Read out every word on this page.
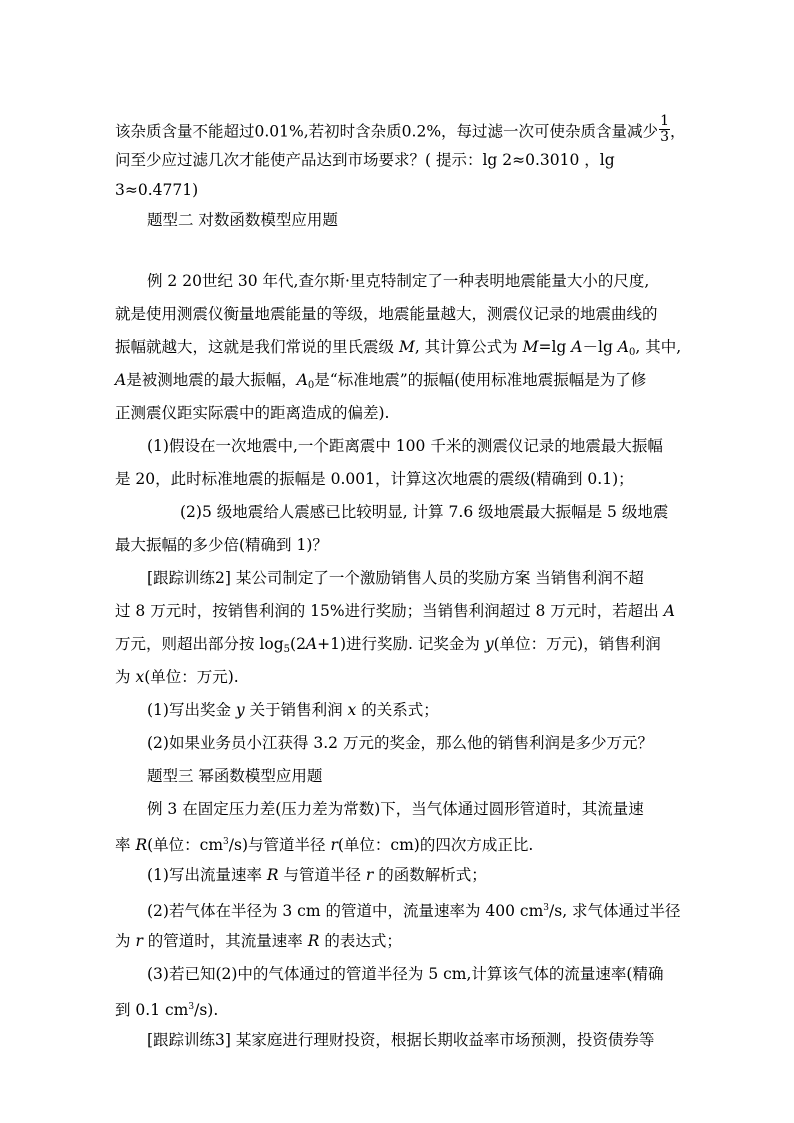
该杂质含量不能超过0.01%,若初时含杂质0.2%，每过滤一次可使杂质含量减少 $\frac{1}{3}$ ，
问至少应过滤几次才能使产品达到市场要求？( 提示：lg 2≈0.3010 ，lg
3≈0.4771)
题型二 对数函数模型应用题
例 2 20世纪 30 年代,查尔斯·里克特制定了一种表明地震能量大小的尺度,
就是使用测震仪衡量地震能量的等级，地震能量越大，测震仪记录的地震曲线的
振幅就越大，这就是我们常说的里氏震级 M, 其计算公式为 M=lg A－lg $A_0$, 其中,
A是被测地震的最大振幅，$A_0$是“标准地震”的振幅(使用标准地震振幅是为了修
正测震仪距实际震中的距离造成的偏差).
(1)假设在一次地震中,一个距离震中 100 千米的测震仪记录的地震最大振幅
是 20，此时标准地震的振幅是 0.001，计算这次地震的震级(精确到 0.1)；
(2)5 级地震给人震感已比较明显, 计算 7.6 级地震最大振幅是 5 级地震
最大振幅的多少倍(精确到 1)？
[跟踪训练2] 某公司制定了一个激励销售人员的奖励方案 当销售利润不超
过 8 万元时，按销售利润的 15%进行奖励；当销售利润超过 8 万元时，若超出 A
万元，则超出部分按 $\log_5(2A+1)$进行奖励. 记奖金为 y(单位：万元)，销售利润
为 x(单位：万元).
(1)写出奖金 y 关于销售利润 x 的关系式；
(2)如果业务员小江获得 3.2 万元的奖金，那么他的销售利润是多少万元？
题型三 幂函数模型应用题
例 3 在固定压力差(压力差为常数)下，当气体通过圆形管道时，其流量速
率 R(单位：$cm^3/s$)与管道半径 r(单位：cm)的四次方成正比.
(1)写出流量速率 R 与管道半径 r 的函数解析式；
(2)若气体在半径为 3 cm 的管道中，流量速率为 400 $cm^3/s$, 求气体通过半径
为 r 的管道时，其流量速率 R 的表达式；
(3)若已知(2)中的气体通过的管道半径为 5 cm,计算该气体的流量速率(精确
到 0.1 $cm^3/s$).
[跟踪训练3] 某家庭进行理财投资，根据长期收益率市场预测，投资债券等
